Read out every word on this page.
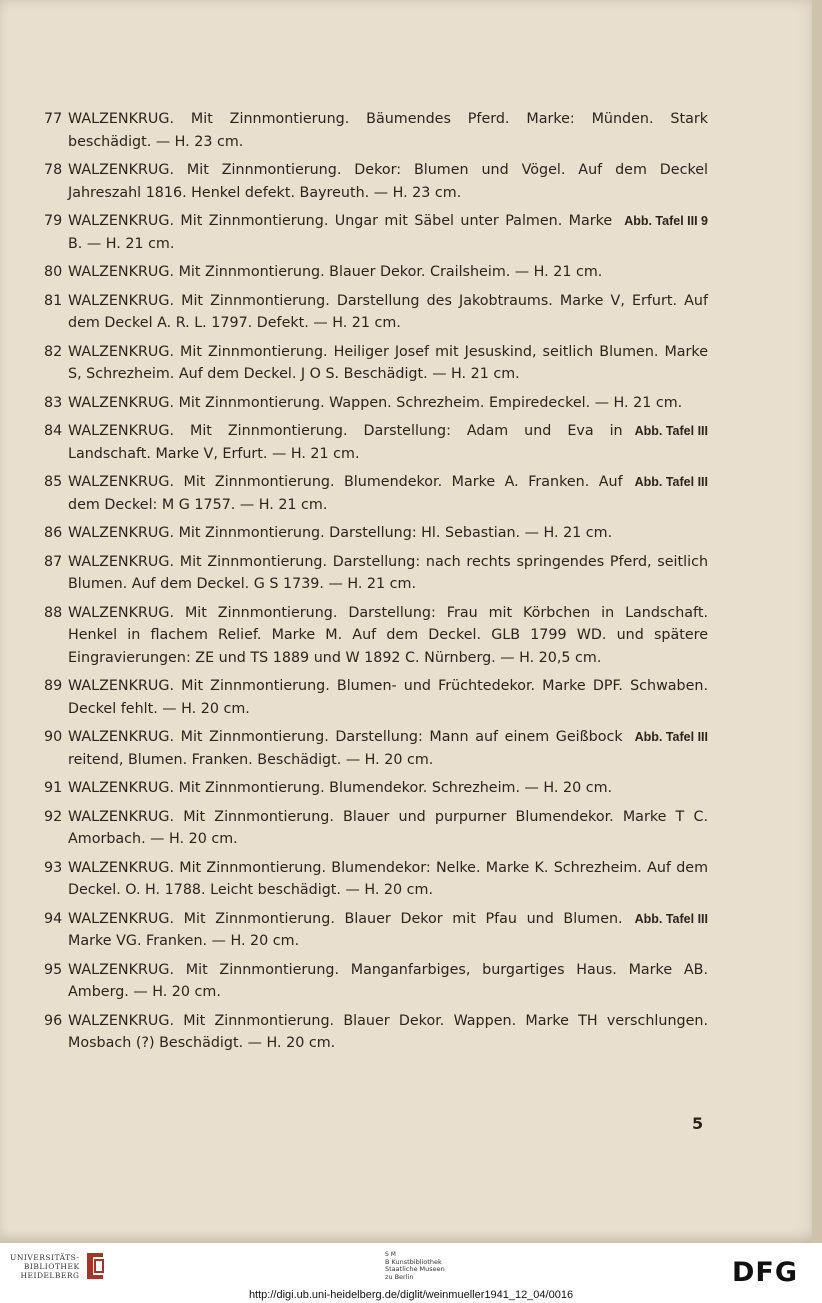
77 WALZENKRUG. Mit Zinnmontierung. Bäumendes Pferd. Marke: Münden. Stark beschädigt. — H. 23 cm.
78 WALZENKRUG. Mit Zinnmontierung. Dekor: Blumen und Vögel. Auf dem Deckel Jahreszahl 1816. Henkel defekt. Bayreuth. — H. 23 cm.
79	Abb. Tafel III 9
WALZENKRUG. Mit Zinnmontierung. Ungar mit Säbel unter Palmen. Marke B. — H. 21 cm.
80 WALZENKRUG. Mit Zinnmontierung. Blauer Dekor. Crailsheim. — H. 21 cm.
81 WALZENKRUG. Mit Zinnmontierung. Darstellung des Jakobtraums. Marke V, Erfurt. Auf dem Deckel A. R. L. 1797. Defekt. — H. 21 cm.
82 WALZENKRUG. Mit Zinnmontierung. Heiliger Josef mit Jesuskind, seitlich Blumen. Marke S, Schrezheim. Auf dem Deckel. J O S. Beschädigt. — H. 21 cm.
83 WALZENKRUG. Mit Zinnmontierung. Wappen. Schrezheim. Empiredeckel. — H. 21 cm.
84	Abb. Tafel III
WALZENKRUG. Mit Zinnmontierung. Darstellung: Adam und Eva in Landschaft. Marke V, Erfurt. — H. 21 cm.
85	Abb. Tafel III
WALZENKRUG. Mit Zinnmontierung. Blumendekor. Marke A. Franken. Auf dem Deckel: M G 1757. — H. 21 cm.
86 WALZENKRUG. Mit Zinnmontierung. Darstellung: Hl. Sebastian. — H. 21 cm.
87 WALZENKRUG. Mit Zinnmontierung. Darstellung: nach rechts springendes Pferd, seitlich Blumen. Auf dem Deckel. G S 1739. — H. 21 cm.
88 WALZENKRUG. Mit Zinnmontierung. Darstellung: Frau mit Körbchen in Landschaft. Henkel in flachem Relief. Marke M. Auf dem Deckel. GLB 1799 WD. und spätere Eingravierungen: ZE und TS 1889 und W 1892 C. Nürnberg. — H. 20,5 cm.
89 WALZENKRUG. Mit Zinnmontierung. Blumen- und Früchtedekor. Marke DPF. Schwaben. Deckel fehlt. — H. 20 cm.
90	Abb. Tafel III
WALZENKRUG. Mit Zinnmontierung. Darstellung: Mann auf einem Geißbock reitend, Blumen. Franken. Beschädigt. — H. 20 cm.
91 WALZENKRUG. Mit Zinnmontierung. Blumendekor. Schrezheim. — H. 20 cm.
92 WALZENKRUG. Mit Zinnmontierung. Blauer und purpurner Blumendekor. Marke T C. Amorbach. — H. 20 cm.
93 WALZENKRUG. Mit Zinnmontierung. Blumendekor: Nelke. Marke K. Schrezheim. Auf dem Deckel. O. H. 1788. Leicht beschädigt. — H. 20 cm.
94	Abb. Tafel III
WALZENKRUG. Mit Zinnmontierung. Blauer Dekor mit Pfau und Blumen. Marke VG. Franken. — H. 20 cm.
95 WALZENKRUG. Mit Zinnmontierung. Manganfarbiges, burgartiges Haus. Marke AB. Amberg. — H. 20 cm.
96 WALZENKRUG. Mit Zinnmontierung. Blauer Dekor. Wappen. Marke TH verschlungen. Mosbach (?) Beschädigt. — H. 20 cm.
5
UNIVERSITÄTS-
BIBLIOTHEK
HEIDELBERG
S M
B Kunstbibliothek
Staatliche Museen
zu Berlin	DFG
http://digi.ub.uni-heidelberg.de/diglit/weinmueller1941_12_04/0016
